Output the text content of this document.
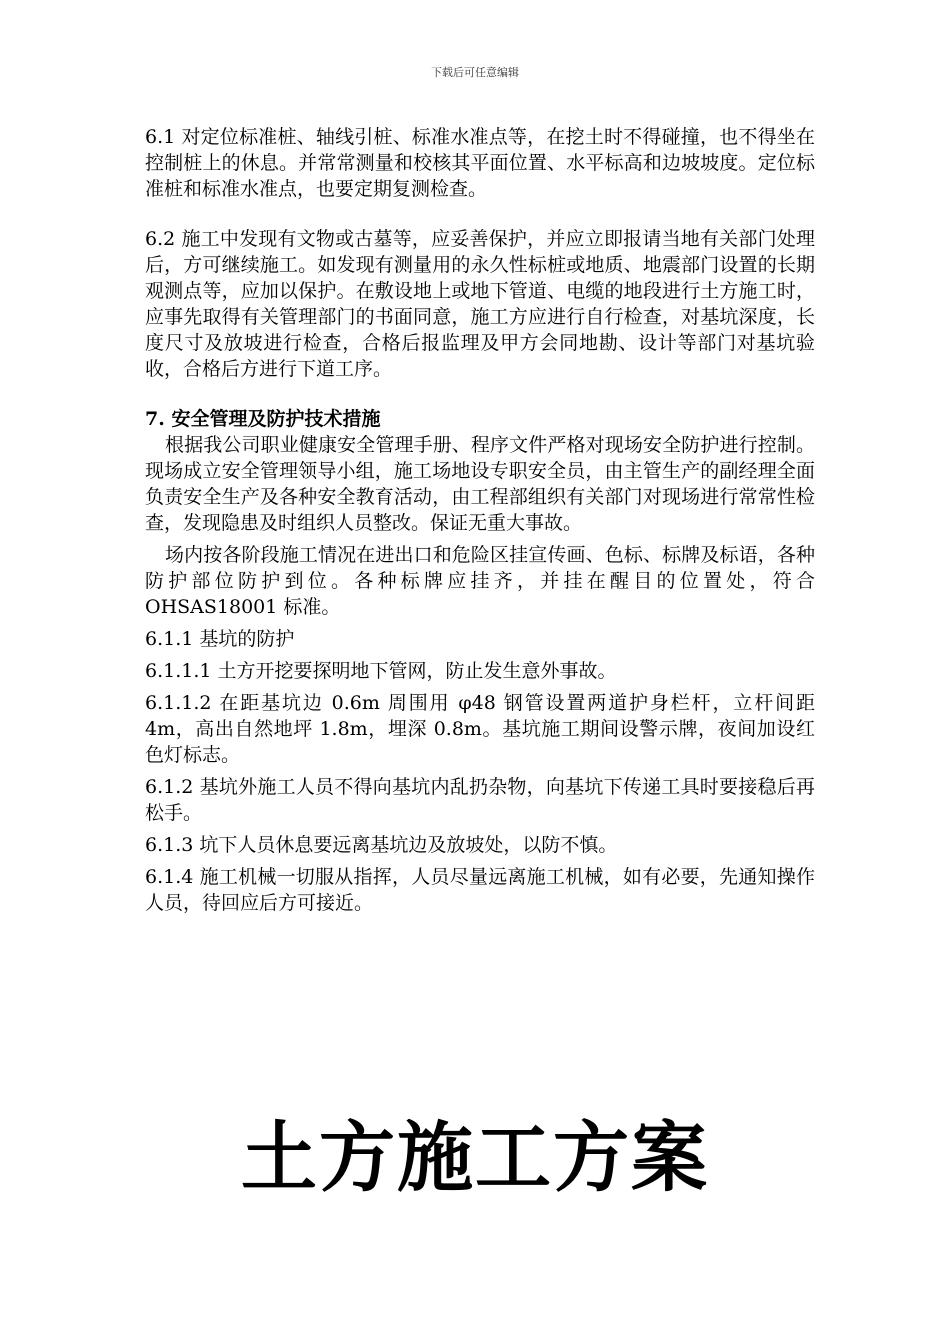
下载后可任意编辑

6.1 对定位标准桩、轴线引桩、标准水准点等，在挖土时不得碰撞，也不得坐在控制桩上的休息。并常常测量和校核其平面位置、水平标高和边坡坡度。定位标准桩和标准水准点，也要定期复测检查。

6.2 施工中发现有文物或古墓等，应妥善保护，并应立即报请当地有关部门处理后，方可继续施工。如发现有测量用的永久性标桩或地质、地震部门设置的长期观测点等，应加以保护。在敷设地上或地下管道、电缆的地段进行土方施工时，应事先取得有关管理部门的书面同意，施工方应进行自行检查，对基坑深度，长度尺寸及放坡进行检查，合格后报监理及甲方会同地勘、设计等部门对基坑验收，合格后方进行下道工序。

7. 安全管理及防护技术措施

根据我公司职业健康安全管理手册、程序文件严格对现场安全防护进行控制。现场成立安全管理领导小组，施工场地设专职安全员，由主管生产的副经理全面负责安全生产及各种安全教育活动，由工程部组织有关部门对现场进行常常性检查，发现隐患及时组织人员整改。保证无重大事故。

场内按各阶段施工情况在进出口和危险区挂宣传画、色标、标牌及标语，各种防护部位防护到位。各种标牌应挂齐，并挂在醒目的位置处，符合 OHSAS18001 标准。

6.1.1 基坑的防护

6.1.1.1 土方开挖要探明地下管网，防止发生意外事故。

6.1.1.2 在距基坑边 0.6m 周围用 φ48 钢管设置两道护身栏杆，立杆间距 4m，高出自然地坪 1.8m，埋深 0.8m。基坑施工期间设警示牌，夜间加设红色灯标志。

6.1.2 基坑外施工人员不得向基坑内乱扔杂物，向基坑下传递工具时要接稳后再松手。

6.1.3 坑下人员休息要远离基坑边及放坡处，以防不慎。

6.1.4 施工机械一切服从指挥，人员尽量远离施工机械，如有必要，先通知操作人员，待回应后方可接近。

土方施工方案
